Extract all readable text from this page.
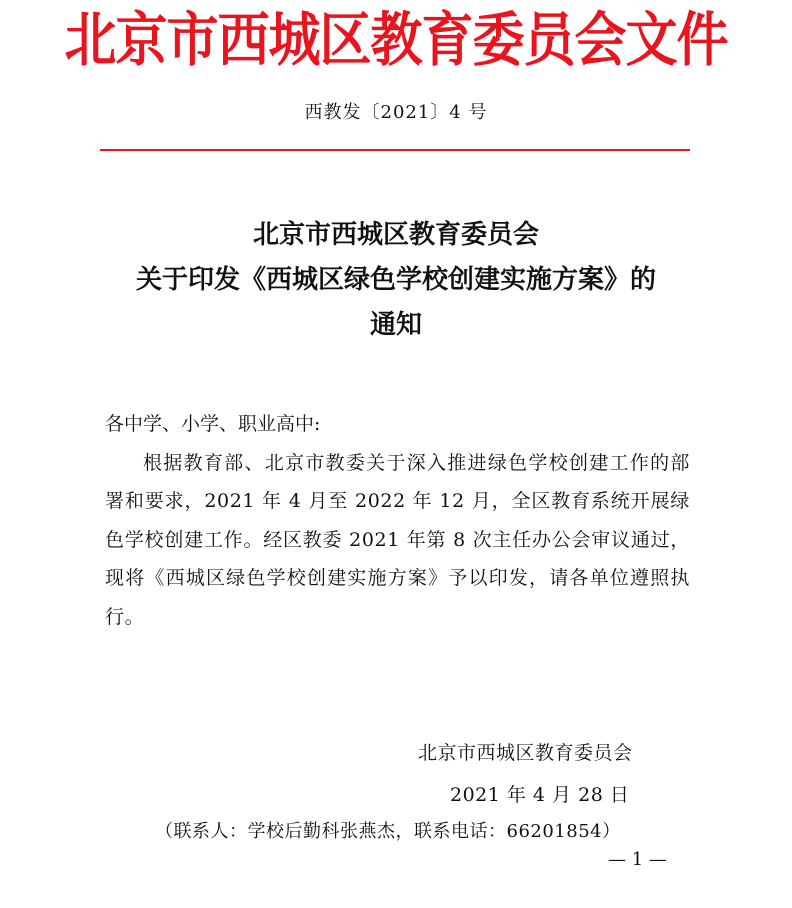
北京市西城区教育委员会文件
西教发〔2021〕4 号
北京市西城区教育委员会
关于印发《西城区绿色学校创建实施方案》的
通知
各中学、小学、职业高中:
根据教育部、北京市教委关于深入推进绿色学校创建工作的部署和要求，2021 年 4 月至 2022 年 12 月，全区教育系统开展绿色学校创建工作。经区教委 2021 年第 8 次主任办公会审议通过，现将《西城区绿色学校创建实施方案》予以印发，请各单位遵照执行。
北京市西城区教育委员会
2021 年 4 月 28 日
（联系人：学校后勤科张燕杰，联系电话：66201854）
— 1 —
